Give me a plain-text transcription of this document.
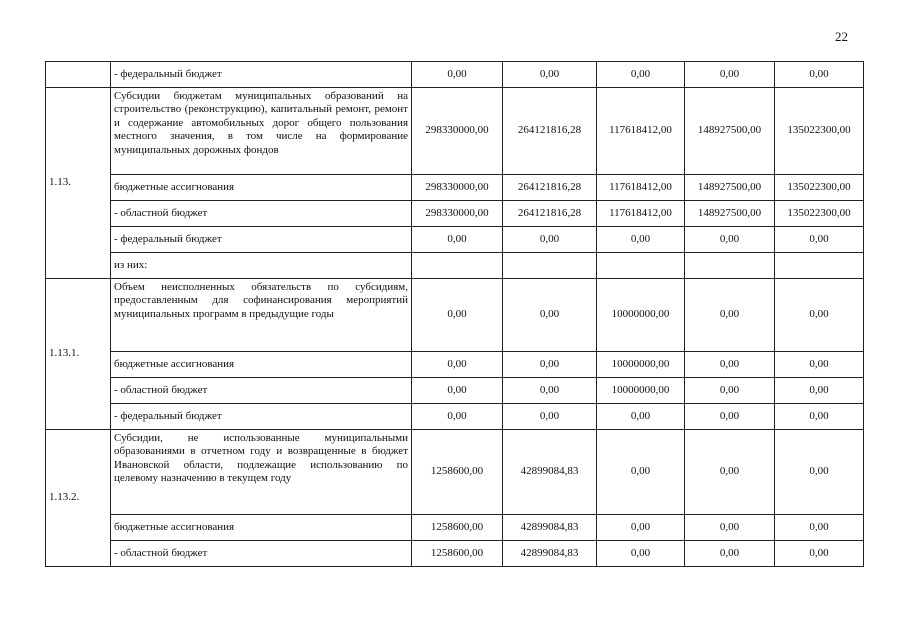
22
	- федеральный бюджет	0,00	0,00	0,00	0,00	0,00
1.13.	Субсидии бюджетам муниципальных образований на строительство (реконструкцию), капитальный ремонт, ремонт и содержание автомобильных дорог общего пользования местного значения, в том числе на формирование муниципальных дорожных фондов	298330000,00	264121816,28	117618412,00	148927500,00	135022300,00
	бюджетные ассигнования	298330000,00	264121816,28	117618412,00	148927500,00	135022300,00
	- областной бюджет	298330000,00	264121816,28	117618412,00	148927500,00	135022300,00
	- федеральный бюджет	0,00	0,00	0,00	0,00	0,00
	из них:					
1.13.1.	Объем неисполненных обязательств по субсидиям, предоставленным для софинансирования мероприятий муниципальных программ в предыдущие годы	0,00	0,00	10000000,00	0,00	0,00
	бюджетные ассигнования	0,00	0,00	10000000,00	0,00	0,00
	- областной бюджет	0,00	0,00	10000000,00	0,00	0,00
	- федеральный бюджет	0,00	0,00	0,00	0,00	0,00
1.13.2.	Субсидии, не использованные муниципальными образованиями в отчетном году и возвращенные в бюджет Ивановской области, подлежащие использованию по целевому назначению в текущем году	1258600,00	42899084,83	0,00	0,00	0,00
	бюджетные ассигнования	1258600,00	42899084,83	0,00	0,00	0,00
	- областной бюджет	1258600,00	42899084,83	0,00	0,00	0,00
